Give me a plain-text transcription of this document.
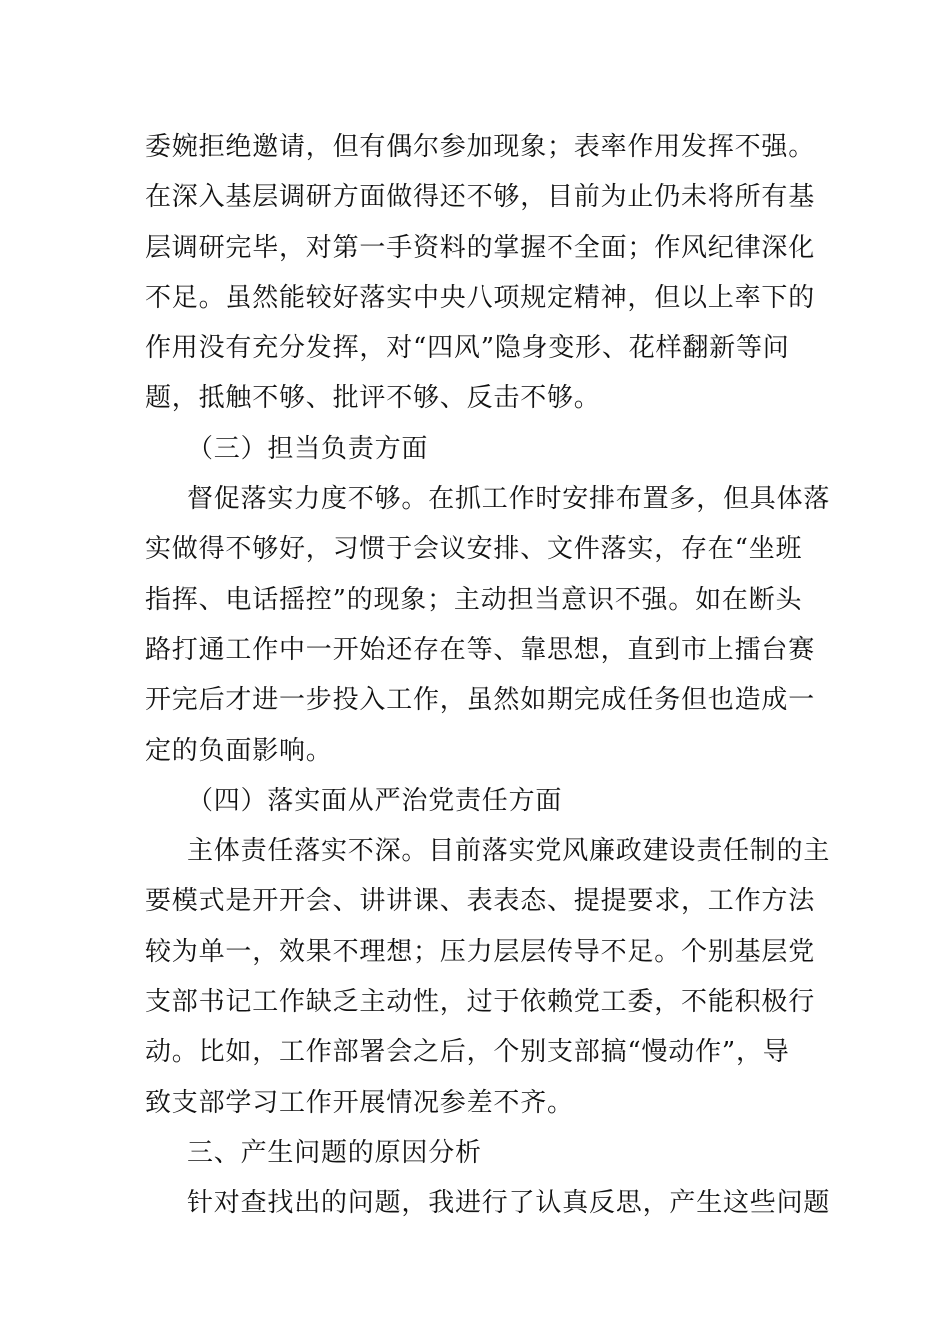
委婉拒绝邀请，但有偶尔参加现象；表率作用发挥不强。
在深入基层调研方面做得还不够，目前为止仍未将所有基
层调研完毕，对第一手资料的掌握不全面；作风纪律深化
不足。虽然能较好落实中央八项规定精神，但以上率下的
作用没有充分发挥，对“四风”隐身变形、花样翻新等问
题，抵触不够、批评不够、反击不够。
（三）担当负责方面
督促落实力度不够。在抓工作时安排布置多，但具体落
实做得不够好，习惯于会议安排、文件落实，存在“坐班
指挥、电话摇控”的现象；主动担当意识不强。如在断头
路打通工作中一开始还存在等、靠思想，直到市上擂台赛
开完后才进一步投入工作，虽然如期完成任务但也造成一
定的负面影响。
（四）落实面从严治党责任方面
主体责任落实不深。目前落实党风廉政建设责任制的主
要模式是开开会、讲讲课、表表态、提提要求，工作方法
较为单一，效果不理想；压力层层传导不足。个别基层党
支部书记工作缺乏主动性，过于依赖党工委，不能积极行
动。比如，工作部署会之后，个别支部搞“慢动作”，导
致支部学习工作开展情况参差不齐。
三、产生问题的原因分析
针对查找出的问题，我进行了认真反思，产生这些问题
